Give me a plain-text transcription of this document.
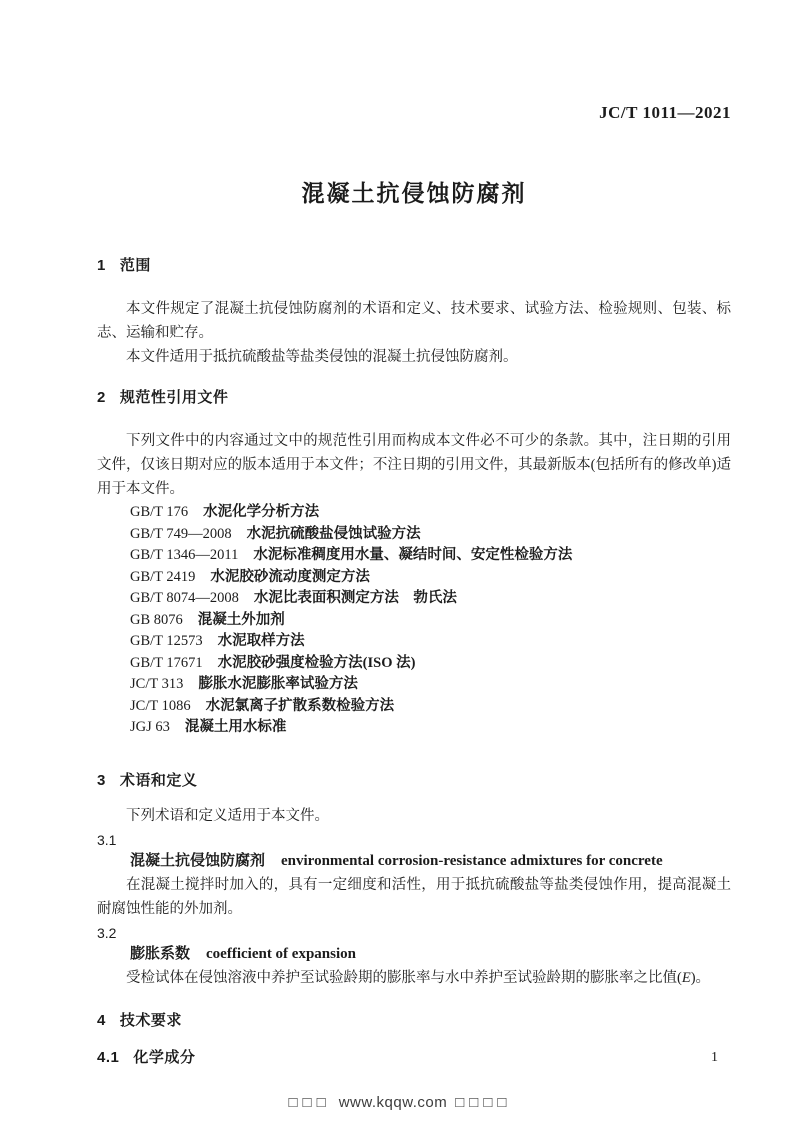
JC/T 1011—2021
混凝土抗侵蚀防腐剂
1 范围

本文件规定了混凝土抗侵蚀防腐剂的术语和定义、技术要求、试验方法、检验规则、包装、标志、运输和贮存。

本文件适用于抵抗硫酸盐等盐类侵蚀的混凝土抗侵蚀防腐剂。

2 规范性引用文件

下列文件中的内容通过文中的规范性引用而构成本文件必不可少的条款。其中，注日期的引用文件，仅该日期对应的版本适用于本文件；不注日期的引用文件，其最新版本(包括所有的修改单)适用于本文件。

GB/T 176 水泥化学分析方法
GB/T 749—2008 水泥抗硫酸盐侵蚀试验方法
GB/T 1346—2011 水泥标准稠度用水量、凝结时间、安定性检验方法
GB/T 2419 水泥胶砂流动度测定方法
GB/T 8074—2008 水泥比表面积测定方法　勃氏法
GB 8076 混凝土外加剂
GB/T 12573 水泥取样方法
GB/T 17671 水泥胶砂强度检验方法(ISO 法)
JC/T 313 膨胀水泥膨胀率试验方法
JC/T 1086 水泥氯离子扩散系数检验方法
JGJ 63 混凝土用水标准
3 术语和定义

下列术语和定义适用于本文件。

3.1
混凝土抗侵蚀防腐剂 environmental corrosion-resistance admixtures for concrete

在混凝土搅拌时加入的，具有一定细度和活性，用于抵抗硫酸盐等盐类侵蚀作用，提高混凝土耐腐蚀性能的外加剂。

3.2
膨胀系数 coefficient of expansion

受检试体在侵蚀溶液中养护至试验龄期的膨胀率与水中养护至试验龄期的膨胀率之比值(E)。

4 技术要求
4.1 化学成分	1
□□□ www.kqqw.com □□□□
